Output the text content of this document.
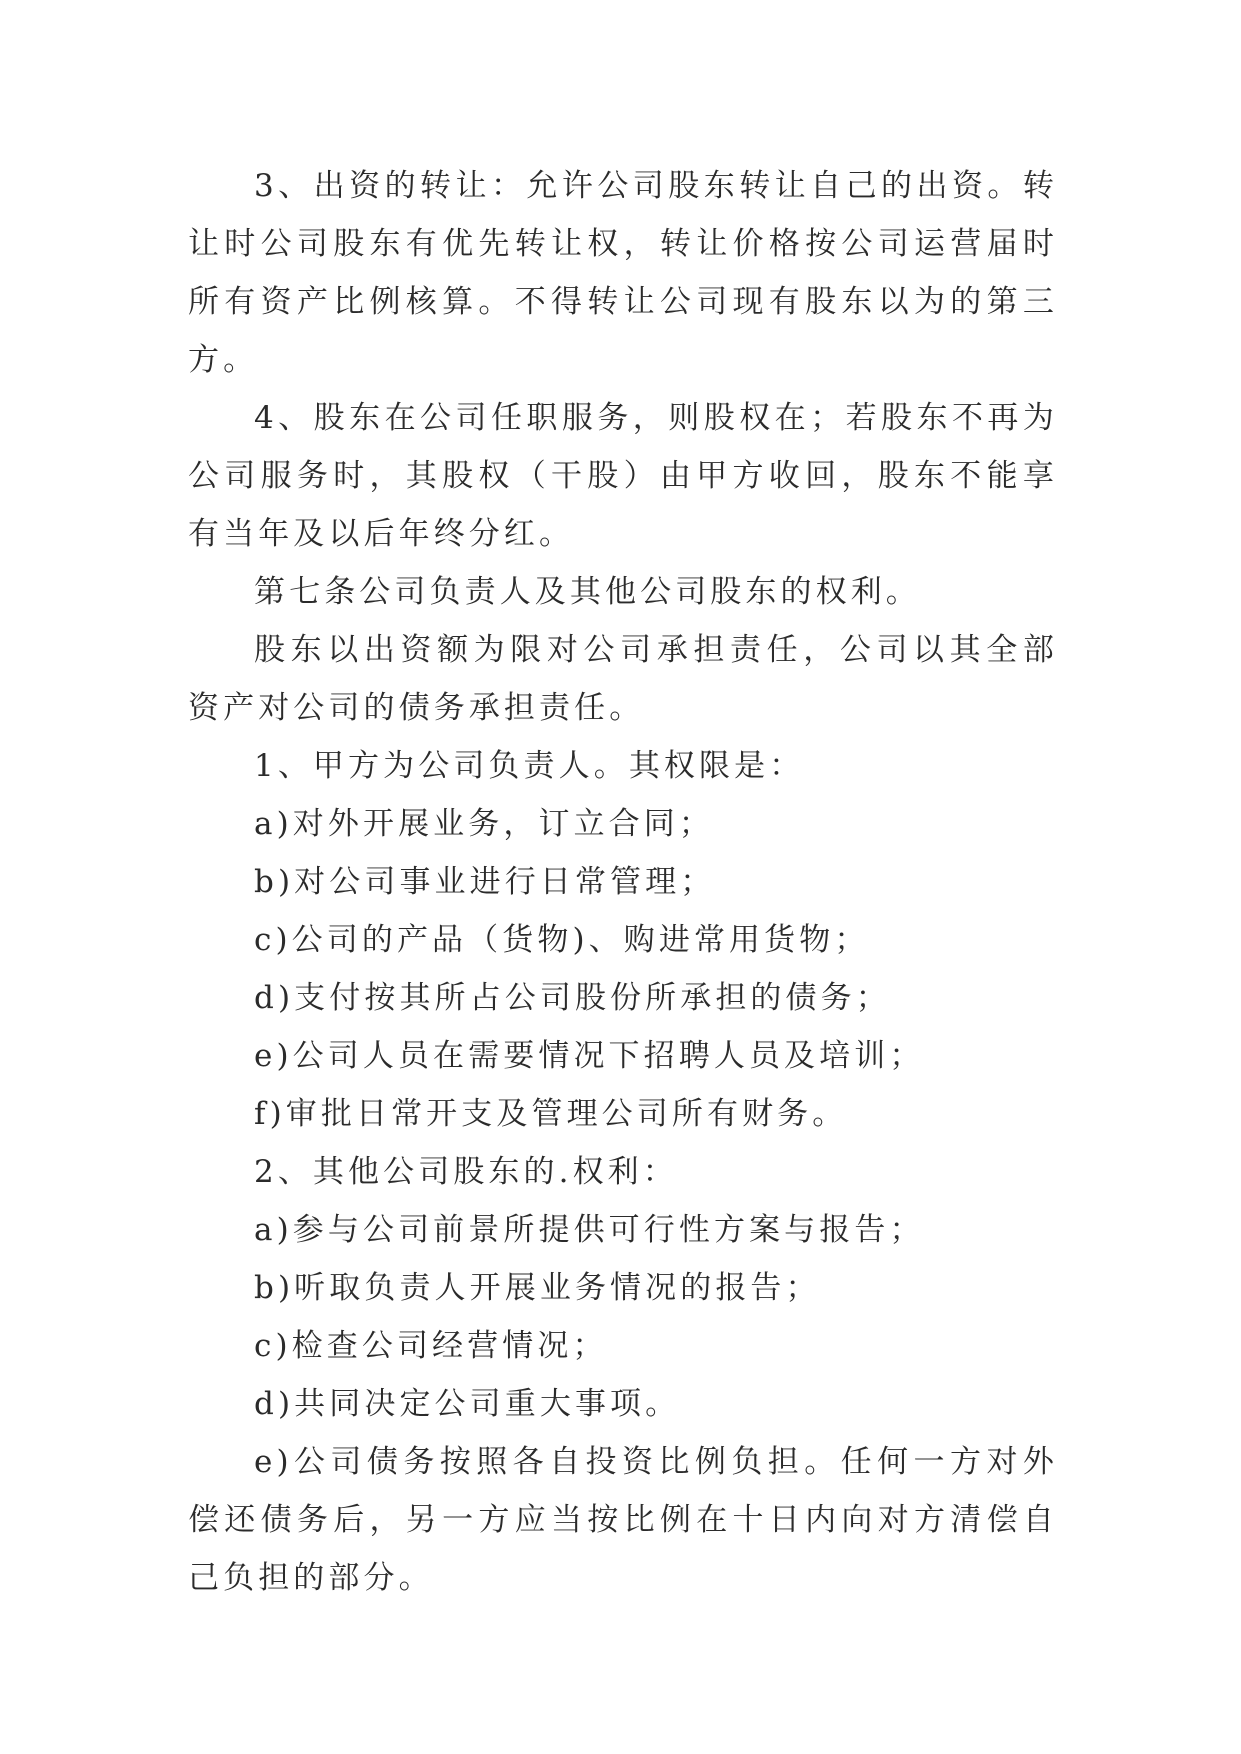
3、出资的转让：允许公司股东转让自己的出资。转让时公司股东有优先转让权，转让价格按公司运营届时所有资产比例核算。不得转让公司现有股东以为的第三方。

4、股东在公司任职服务，则股权在；若股东不再为公司服务时，其股权（干股）由甲方收回，股东不能享有当年及以后年终分红。

第七条公司负责人及其他公司股东的权利。

股东以出资额为限对公司承担责任，公司以其全部资产对公司的债务承担责任。

1、甲方为公司负责人。其权限是：

a)对外开展业务，订立合同；

b)对公司事业进行日常管理；

c)公司的产品（货物)、购进常用货物；

d)支付按其所占公司股份所承担的债务；

e)公司人员在需要情况下招聘人员及培训；

f)审批日常开支及管理公司所有财务。

2、其他公司股东的.权利：

a)参与公司前景所提供可行性方案与报告；

b)听取负责人开展业务情况的报告；

c)检查公司经营情况；

d)共同决定公司重大事项。

e)公司债务按照各自投资比例负担。任何一方对外偿还债务后，另一方应当按比例在十日内向对方清偿自己负担的部分。
